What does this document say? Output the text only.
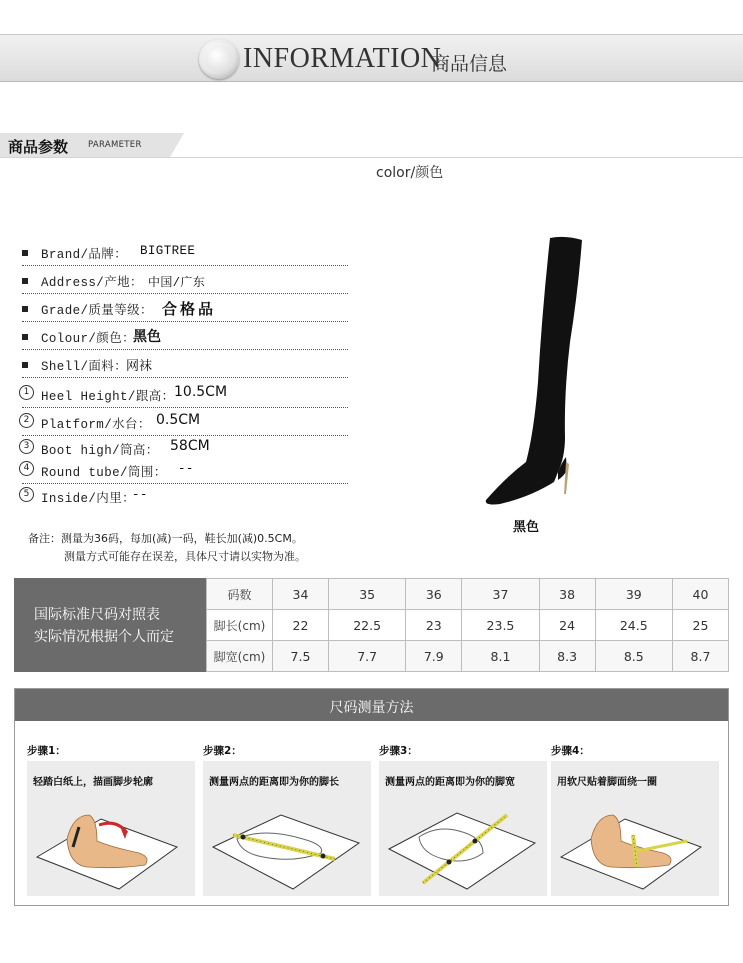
INFORMATION
商品信息
商品参数 PARAMETER
color/颜色
Brand/品牌： BIGTREE
Address/产地： 中国/广东
Grade/质量等级： 合格品
Colour/颜色：
黑色
Shell/面料：
网袜
1 Heel Height/跟高： 10.5CM
2 Platform/水台： 0.5CM
3 Boot high/筒高： 58CM
4 Round tube/筒围： --
5 Inside/内里：
--
黑色
备注：测量为36码，每加(减)一码，鞋长加(减)0.5CM。
测量方式可能存在误差，具体尺寸请以实物为准。
国际标准尺码对照表
实际情况根据个人而定
码数	34	35	36	37	38	39	40
脚长(cm)	22	22.5	23	23.5	24	24.5	25
脚宽(cm)	7.5	7.7	7.9	8.1	8.3	8.5	8.7
尺码测量方法
步骤1：
轻踏白纸上，描画脚步轮廓
步骤2：
测量两点的距离即为你的脚长
步骤3：
测量两点的距离即为你的脚宽
步骤4：
用软尺贴着脚面绕一圈
